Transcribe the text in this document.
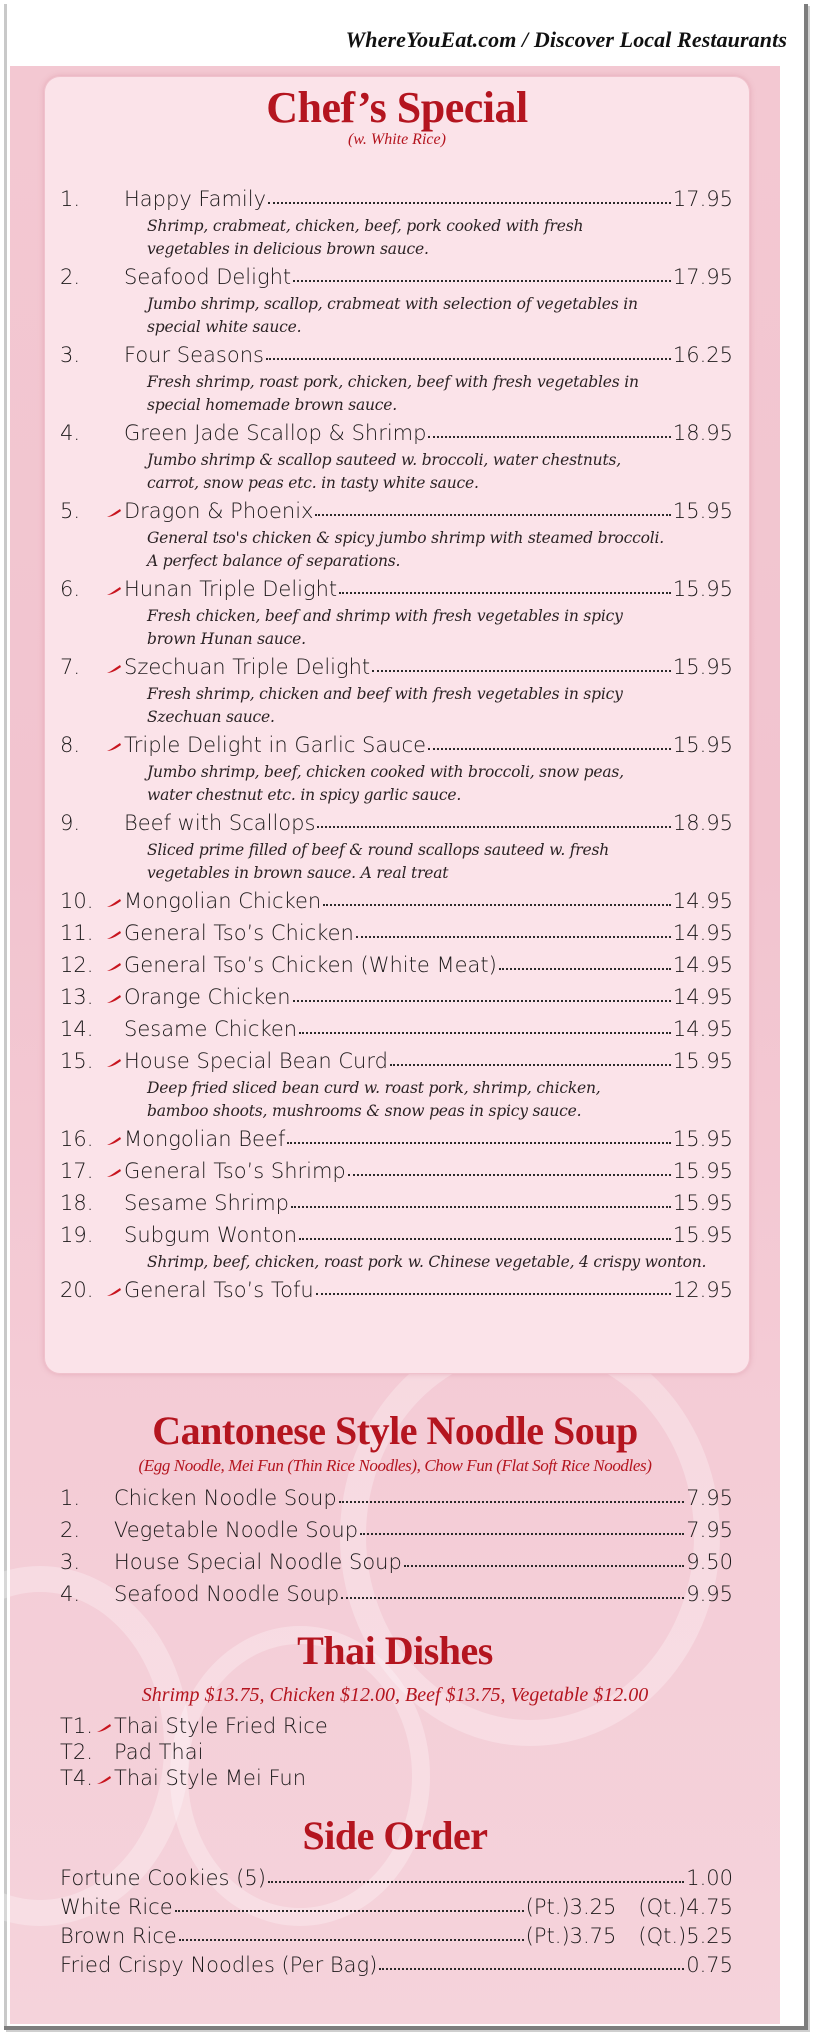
WhereYouEat.com / Discover Local Restaurants
Chef’s Special
(w. White Rice)
1.	Happy Family	17.95
Shrimp, crabmeat, chicken, beef, pork cooked with fresh
vegetables in delicious brown sauce.
2.	Seafood Delight	17.95
Jumbo shrimp, scallop, crabmeat with selection of vegetables in
special white sauce.
3.	Four Seasons	16.25
Fresh shrimp, roast pork, chicken, beef with fresh vegetables in
special homemade brown sauce.
4.	Green Jade Scallop & Shrimp	18.95
Jumbo shrimp & scallop sauteed w. broccoli, water chestnuts,
carrot, snow peas etc. in tasty white sauce.
5.	Dragon & Phoenix	15.95
General tso's chicken & spicy jumbo shrimp with steamed broccoli.
A perfect balance of separations.
6.	Hunan Triple Delight	15.95
Fresh chicken, beef and shrimp with fresh vegetables in spicy
brown Hunan sauce.
7.	Szechuan Triple Delight	15.95
Fresh shrimp, chicken and beef with fresh vegetables in spicy
Szechuan sauce.
8.	Triple Delight in Garlic Sauce	15.95
Jumbo shrimp, beef, chicken cooked with broccoli, snow peas,
water chestnut etc. in spicy garlic sauce.
9.	Beef with Scallops	18.95
Sliced prime filled of beef & round scallops sauteed w. fresh
vegetables in brown sauce. A real treat
10.	Mongolian Chicken	14.95
11.	General Tso’s Chicken	14.95
12.	General Tso’s Chicken (White Meat)	14.95
13.	Orange Chicken	14.95
14.	Sesame Chicken	14.95
15.	House Special Bean Curd	15.95
Deep fried sliced bean curd w. roast pork, shrimp, chicken,
bamboo shoots, mushrooms & snow peas in spicy sauce.
16.	Mongolian Beef	15.95
17.	General Tso’s Shrimp	15.95
18.	Sesame Shrimp	15.95
19.	Subgum Wonton	15.95
Shrimp, beef, chicken, roast pork w. Chinese vegetable, 4 crispy wonton.
20.	General Tso’s Tofu	12.95
Cantonese Style Noodle Soup
(Egg Noodle, Mei Fun (Thin Rice Noodles), Chow Fun (Flat Soft Rice Noodles)
1.	Chicken Noodle Soup	7.95
2.	Vegetable Noodle Soup	7.95
3.	House Special Noodle Soup	9.50
4.	Seafood Noodle Soup	9.95
Thai Dishes
Shrimp $13.75, Chicken $12.00, Beef $13.75, Vegetable $12.00
T1.	Thai Style Fried Rice
T2.	Pad Thai
T4.	Thai Style Mei Fun
Side Order
Fortune Cookies (5)	1.00
White Rice	(Pt.) 3.25 (Qt.) 4.75
Brown Rice	(Pt.) 3.75 (Qt.) 5.25
Fried Crispy Noodles (Per Bag)	0.75
